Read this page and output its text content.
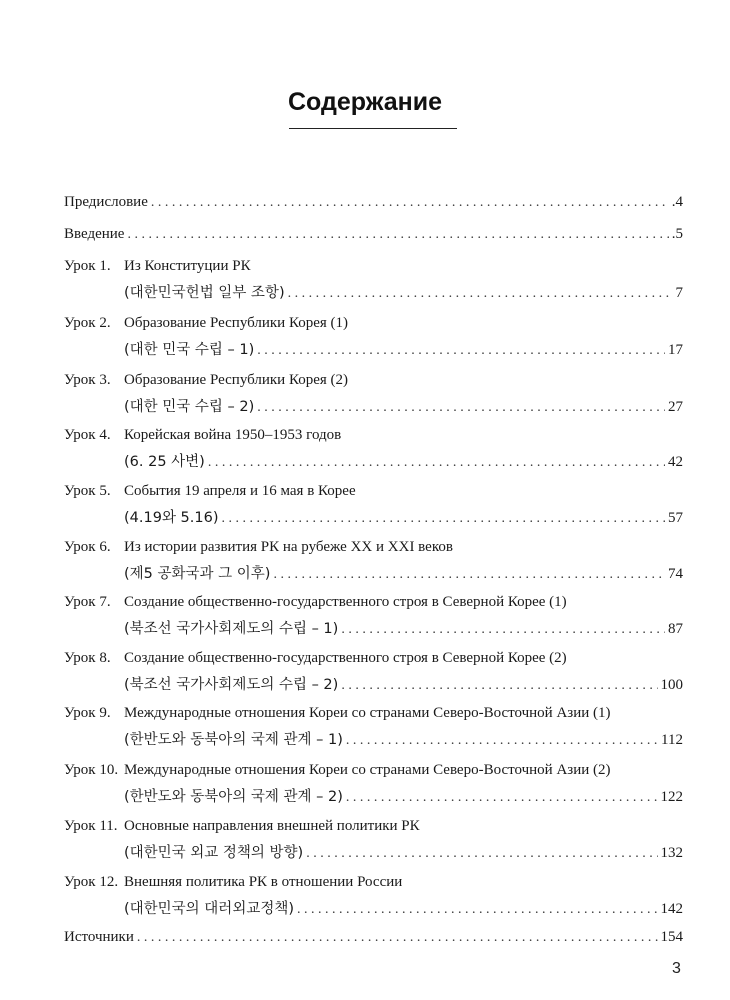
Содержание
Предисловие . . .	.4
Введение . . .	.5
Урок 1. Из Конституции РК
(대한민국헌법 일부 조항) . . .	7
Урок 2. Образование Республики Корея (1)
(대한 민국 수립 – 1) . . .	17
Урок 3. Образование Республики Корея (2)
(대한 민국 수립 – 2) . . .	27
Урок 4. Корейская война 1950–1953 годов
(6. 25 사변) . . .	42
Урок 5. События 19 апреля и 16 мая в Корее
(4.19와 5.16) . . .	57
Урок 6. Из истории развития РК на рубеже XX и XXI веков
(제5 공화국과 그 이후) . . .	74
Урок 7. Создание общественно-государственного строя в Северной Корее (1)
(북조선 국가사회제도의 수립 – 1) . . .	87
Урок 8. Создание общественно-государственного строя в Северной Корее (2)
(북조선 국가사회제도의 수립 – 2) . . .	100
Урок 9. Международные отношения Кореи со странами Северо-Восточной Азии (1)
(한반도와 동북아의 국제 관계 – 1) . . .	112
Урок 10. Международные отношения Кореи со странами Северо-Восточной Азии (2)
(한반도와 동북아의 국제 관계 – 2) . . .	122
Урок 11. Основные направления внешней политики РК
(대한민국 외교 정책의 방향) . . .	132
Урок 12. Внешняя политика РК в отношении России
(대한민국의 대러외교정책) . . .	142
Источники . . .	154
3
